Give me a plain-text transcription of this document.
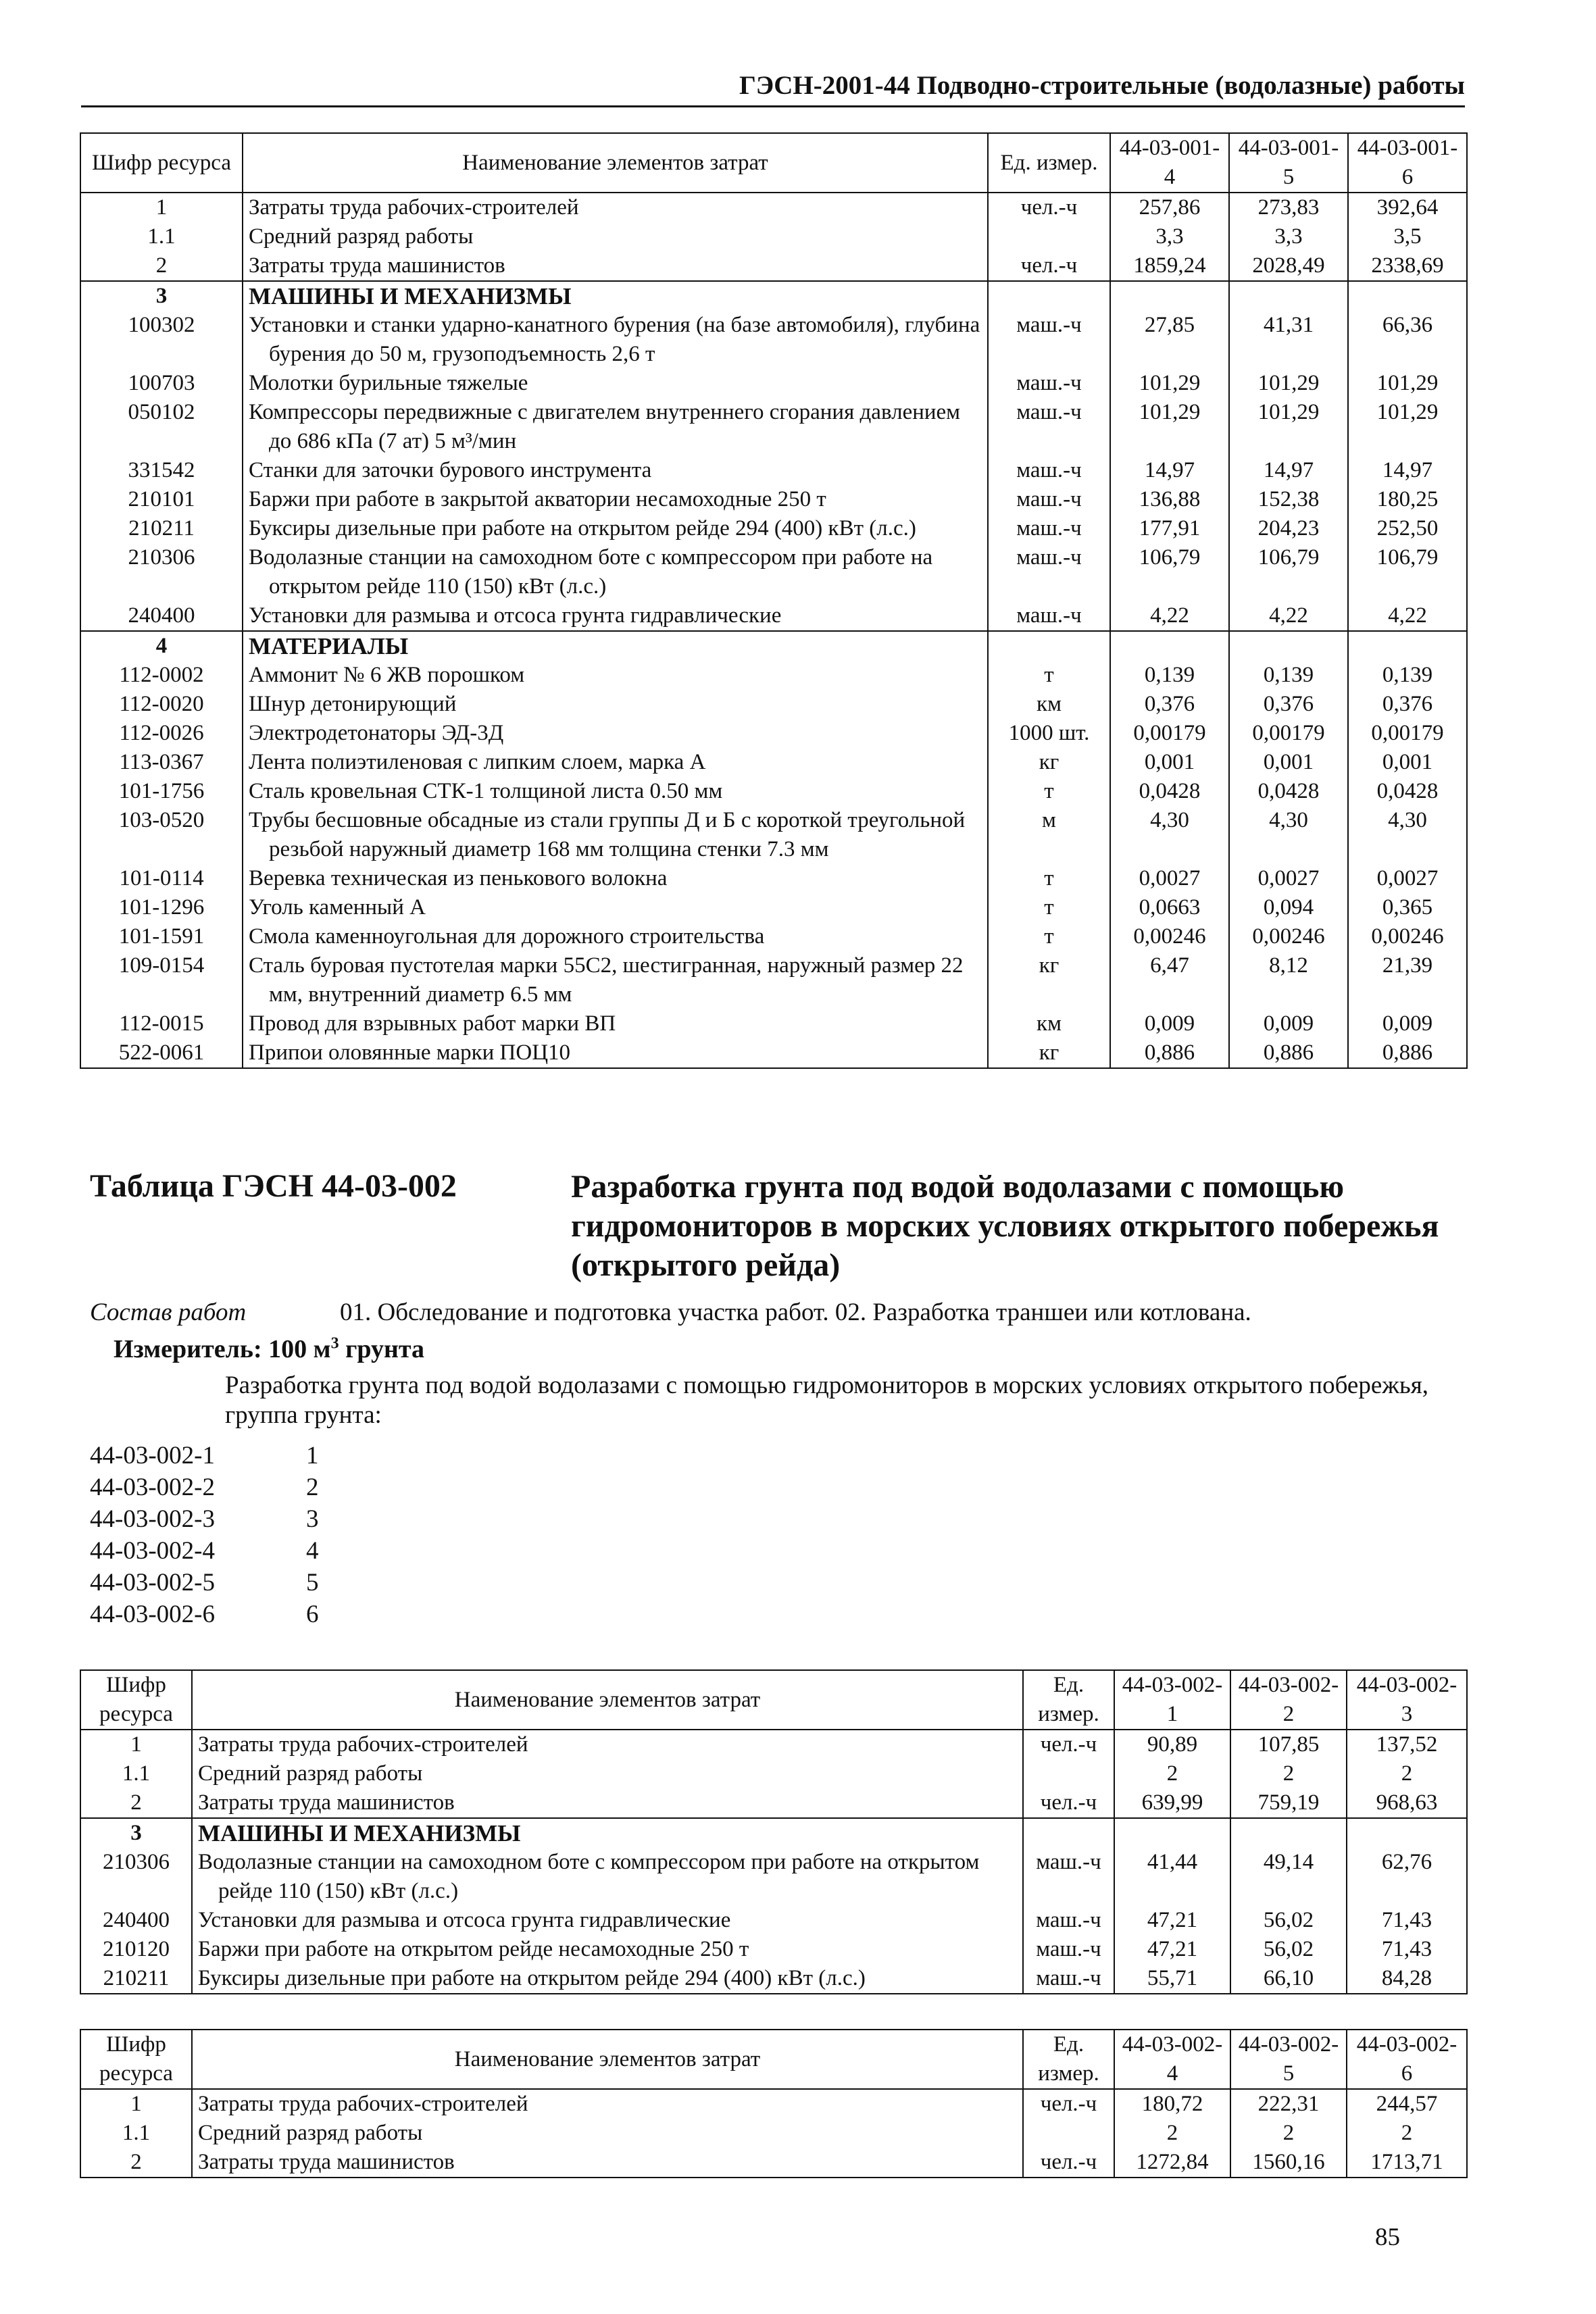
ГЭСН-2001-44 Подводно-строительные (водолазные) работы
Шифр ресурса	Наименование элементов затрат	Ед. измер.	44-03-001-4	44-03-001-5	44-03-001-6
1	Затраты труда рабочих-строителей	чел.-ч	257,86	273,83	392,64
1.1	Средний разряд работы		3,3	3,3	3,5
2	Затраты труда машинистов	чел.-ч	1859,24	2028,49	2338,69
3	МАШИНЫ И МЕХАНИЗМЫ				

100302	Установки и станки ударно-канатного бурения (на базе автомобиля), глубина бурения до 50 м, грузоподъемность 2,6 т	маш.-ч	27,85	41,31	66,36
100703	Молотки бурильные тяжелые	маш.-ч	101,29	101,29	101,29
050102	Компрессоры передвижные с двигателем внутреннего сгорания давлением до 686 кПа (7 ат) 5 м³/мин	маш.-ч	101,29	101,29	101,29
331542	Станки для заточки бурового инструмента	маш.-ч	14,97	14,97	14,97
210101	Баржи при работе в закрытой акватории несамоходные 250 т	маш.-ч	136,88	152,38	180,25
210211	Буксиры дизельные при работе на открытом рейде 294 (400) кВт (л.с.)	маш.-ч	177,91	204,23	252,50
210306	Водолазные станции на самоходном боте с компрессором при работе на открытом рейде 110 (150) кВт (л.с.)	маш.-ч	106,79	106,79	106,79
240400	Установки для размыва и отсоса грунта гидравлические	маш.-ч	4,22	4,22	4,22
4	МАТЕРИАЛЫ				

112-0002	Аммонит № 6 ЖВ порошком	т	0,139	0,139	0,139
112-0020	Шнур детонирующий	км	0,376	0,376	0,376
112-0026	Электродетонаторы ЭД-3Д	1000 шт.	0,00179	0,00179	0,00179
113-0367	Лента полиэтиленовая с липким слоем, марка А	кг	0,001	0,001	0,001
101-1756	Сталь кровельная СТК-1 толщиной листа 0.50 мм	т	0,0428	0,0428	0,0428
103-0520	Трубы бесшовные обсадные из стали группы Д и Б с короткой треугольной резьбой наружный диаметр 168 мм толщина стенки 7.3 мм	м	4,30	4,30	4,30
101-0114	Веревка техническая из пенькового волокна	т	0,0027	0,0027	0,0027
101-1296	Уголь каменный А	т	0,0663	0,094	0,365
101-1591	Смола каменноугольная для дорожного строительства	т	0,00246	0,00246	0,00246
109-0154	Сталь буровая пустотелая марки 55С2, шестигранная, наружный размер 22 мм, внутренний диаметр 6.5 мм	кг	6,47	8,12	21,39
112-0015	Провод для взрывных работ марки ВП	км	0,009	0,009	0,009
522-0061	Припои оловянные марки ПОЦ10	кг	0,886	0,886	0,886
Таблица ГЭСН 44-03-002	Разработка грунта под водой водолазами с помощью гидромониторов в морских условиях открытого побережья (открытого рейда)
Состав работ	01. Обследование и подготовка участка работ. 02. Разработка траншеи или котлована.
Измеритель: 100 $м^3$ грунта
Разработка грунта под водой водолазами с помощью гидромониторов в морских условиях открытого побережья, группа грунта:
44-03-002-1	1
44-03-002-2	2
44-03-002-3	3
44-03-002-4	4
44-03-002-5	5
44-03-002-6	6
Шифр ресурса	Наименование элементов затрат	Ед. измер.	44-03-002-1	44-03-002-2	44-03-002-3
1	Затраты труда рабочих-строителей	чел.-ч	90,89	107,85	137,52
1.1	Средний разряд работы		2	2	2
2	Затраты труда машинистов	чел.-ч	639,99	759,19	968,63
3	МАШИНЫ И МЕХАНИЗМЫ				

210306	Водолазные станции на самоходном боте с компрессором при работе на открытом рейде 110 (150) кВт (л.с.)	маш.-ч	41,44	49,14	62,76
240400	Установки для размыва и отсоса грунта гидравлические	маш.-ч	47,21	56,02	71,43
210120	Баржи при работе на открытом рейде несамоходные 250 т	маш.-ч	47,21	56,02	71,43
210211	Буксиры дизельные при работе на открытом рейде 294 (400) кВт (л.с.)	маш.-ч	55,71	66,10	84,28
Шифр ресурса	Наименование элементов затрат	Ед. измер.	44-03-002-4	44-03-002-5	44-03-002-6
1	Затраты труда рабочих-строителей	чел.-ч	180,72	222,31	244,57
1.1	Средний разряд работы		2	2	2
2	Затраты труда машинистов	чел.-ч	1272,84	1560,16	1713,71
85
